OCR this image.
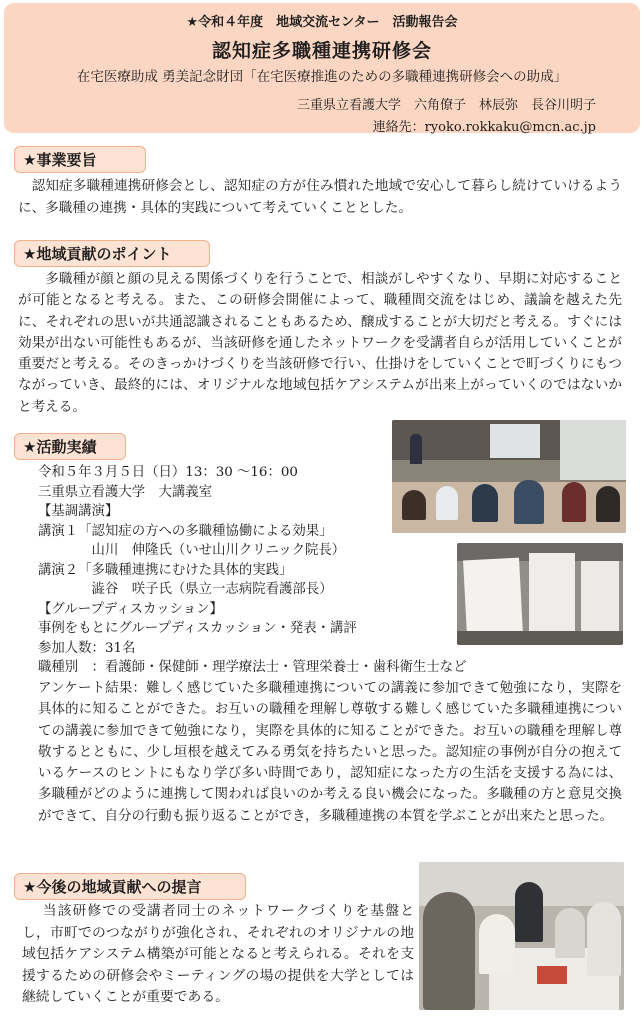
★令和４年度　地域交流センター　活動報告会
認知症多職種連携研修会
在宅医療助成 勇美記念財団「在宅医療推進のための多職種連携研修会への助成」
三重県立看護大学　六角僚子　林辰弥　長谷川明子
連絡先：ryoko.rokkaku@mcn.ac.jp
★事業要旨
認知症多職種連携研修会とし、認知症の方が住み慣れた地域で安心して暮らし続けていけるように、多職種の連携・具体的実践について考えていくこととした。
★地域貢献のポイント
多職種が顔と顔の見える関係づくりを行うことで、相談がしやすくなり、早期に対応することが可能となると考える。また、この研修会開催によって、職種間交流をはじめ、議論を越えた先に、それぞれの思いが共通認識されることもあるため、醸成することが大切だと考える。すぐには効果が出ない可能性もあるが、当該研修を通したネットワークを受講者自らが活用していくことが重要だと考える。そのきっかけづくりを当該研修で行い、仕掛けをしていくことで町づくりにもつながっていき、最終的には、オリジナルな地域包括ケアシステムが出来上がっていくのではないかと考える。
★活動実績
令和５年３月５日（日）13：30 〜16：00
三重県立看護大学　大講義室
【基調講演】
講演１「認知症の方への多職種協働による効果」
　　　　山川　伸隆氏（いせ山川クリニック院長）
講演２「多職種連携にむけた具体的実践」
　　　　澁谷　咲子氏（県立一志病院看護部長）
【グループディスカッション】
事例をもとにグループディスカッション・発表・講評
参加人数：31名
職種別　：看護師・保健師・理学療法士・管理栄養士・歯科衛生士など
アンケート結果：難しく感じていた多職種連携についての講義に参加できて勉強になり，実際を具体的に知ることができた。お互いの職種を理解し尊敬する難しく感じていた多職種連携についての講義に参加できて勉強になり，実際を具体的に知ることができた。お互いの職種を理解し尊敬するとともに、少し垣根を越えてみる勇気を持ちたいと思った。認知症の事例が自分の抱えているケースのヒントにもなり学び多い時間であり，認知症になった方の生活を支援する為には、多職種がどのように連携して関われば良いのか考える良い機会になった。多職種の方と意見交換ができて、自分の行動も振り返ることができ，多職種連携の本質を学ぶことが出来たと思った。
★今後の地域貢献への提言
当該研修での受講者同士のネットワークづくりを基盤とし，市町でのつながりが強化され、それぞれのオリジナルの地域包括ケアシステム構築が可能となると考えられる。それを支援するための研修会やミーティングの場の提供を大学としては継続していくことが重要である。
